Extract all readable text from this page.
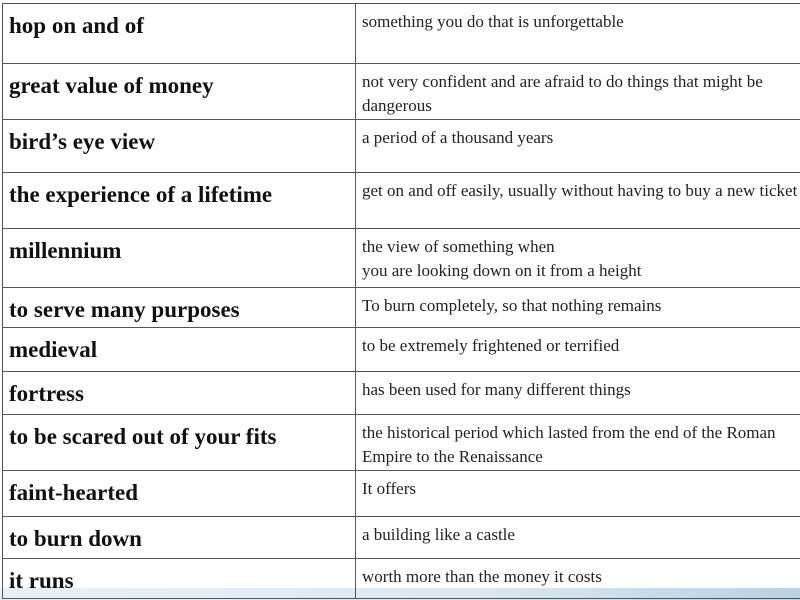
hop on and of	something you do that is unforgettable
great value of money	not very confident and are afraid to do things that might be dangerous
bird’s eye view	a period of a thousand years
the experience of a lifetime	get on and off easily, usually without having to buy a new ticket
millennium	the view of something when
you are looking down on it from a height
to serve many purposes	To burn completely, so that nothing remains
medieval	to be extremely frightened or terrified
fortress	has been used for many different things
to be scared out of your fits	the historical period which lasted from the end of the Roman Empire to the Renaissance
faint-hearted	It offers
to burn down	a building like a castle
it runs	worth more than the money it costs
